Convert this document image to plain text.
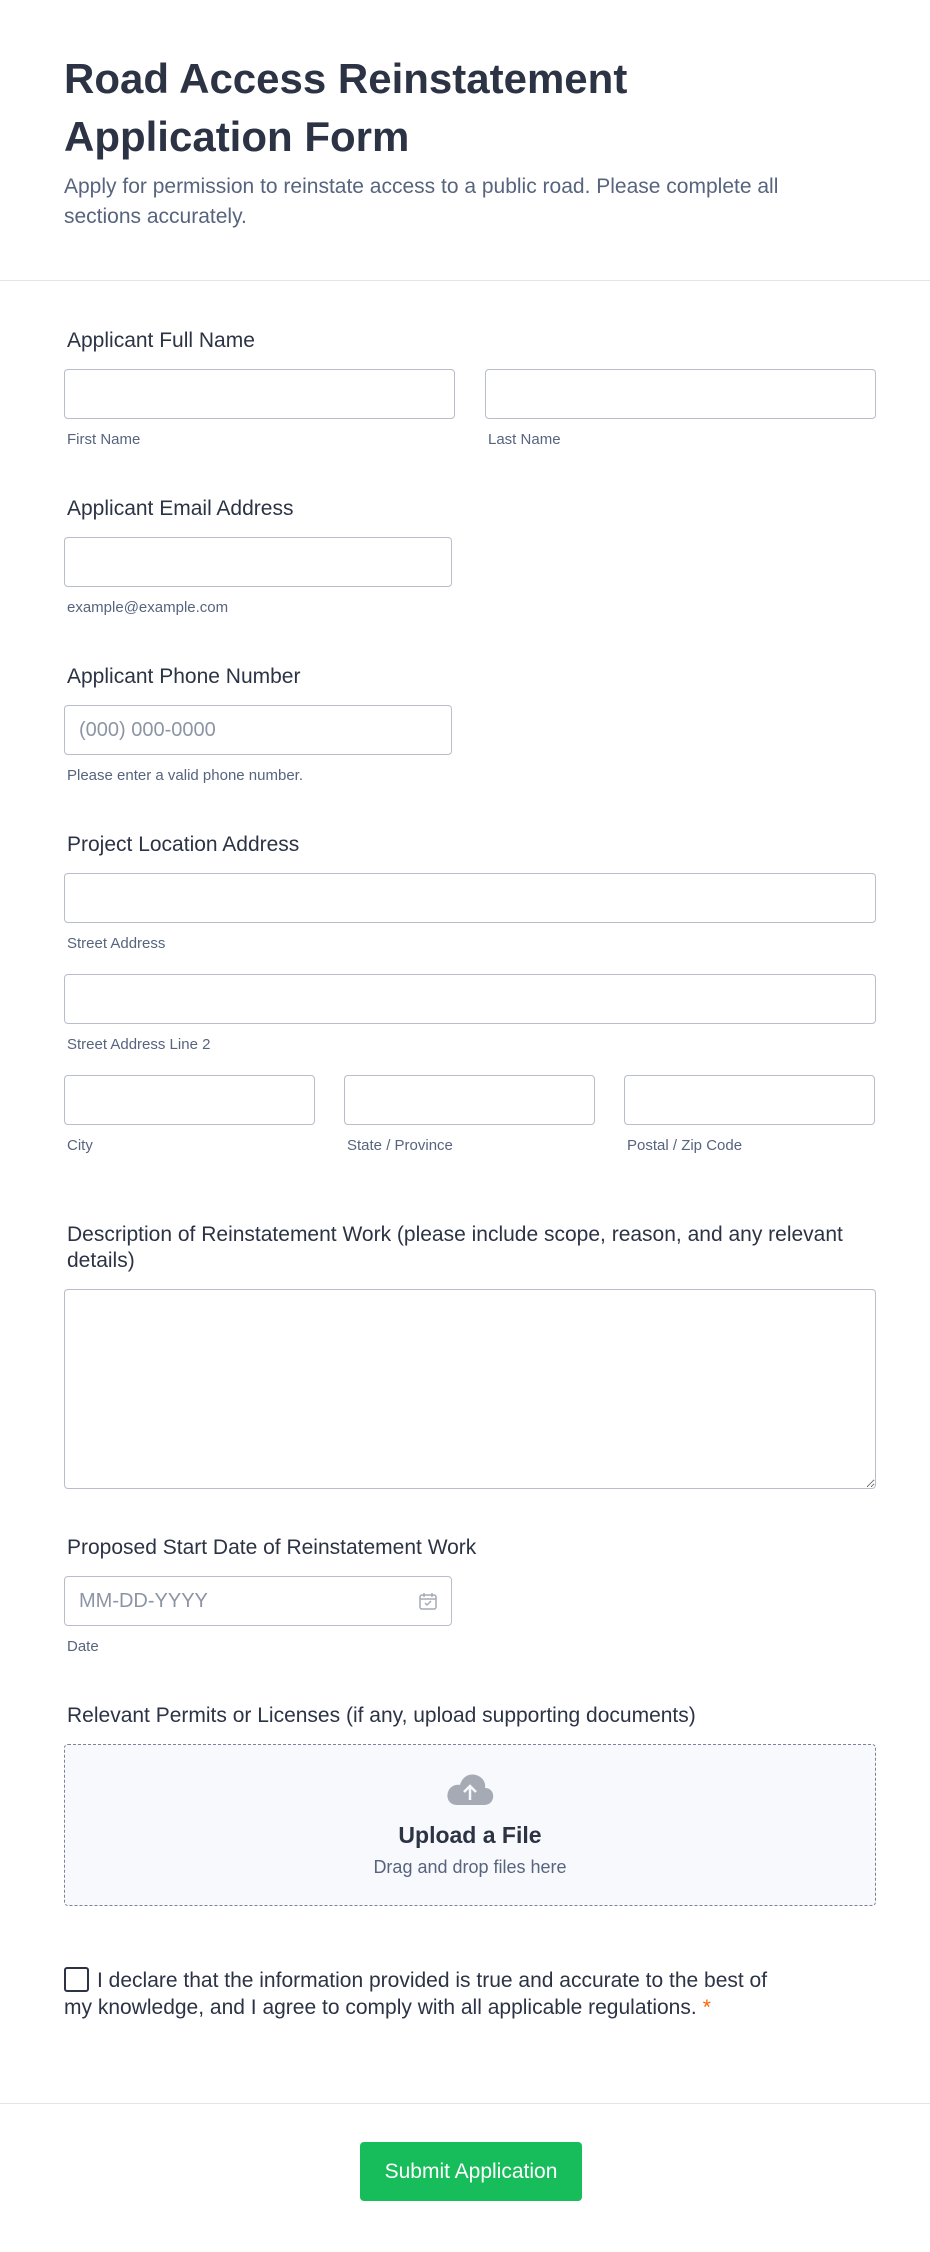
Road Access Reinstatement Application Form

Apply for permission to reinstate access to a public road. Please complete all sections accurately.

Applicant Full Name
First Name	Last Name
Applicant Email Address
example@example.com
Applicant Phone Number
(000) 000-0000
Please enter a valid phone number.
Project Location Address
Street Address
Street Address Line 2
City	State / Province	Postal / Zip Code
Description of Reinstatement Work (please include scope, reason, and any relevant details)
Proposed Start Date of Reinstatement Work
MM-DD-YYYY
Date
Relevant Permits or Licenses (if any, upload supporting documents)
Upload a File
Drag and drop files here
I declare that the information provided is true and accurate to the best of my knowledge, and I agree to comply with all applicable regulations. *
Submit Application
